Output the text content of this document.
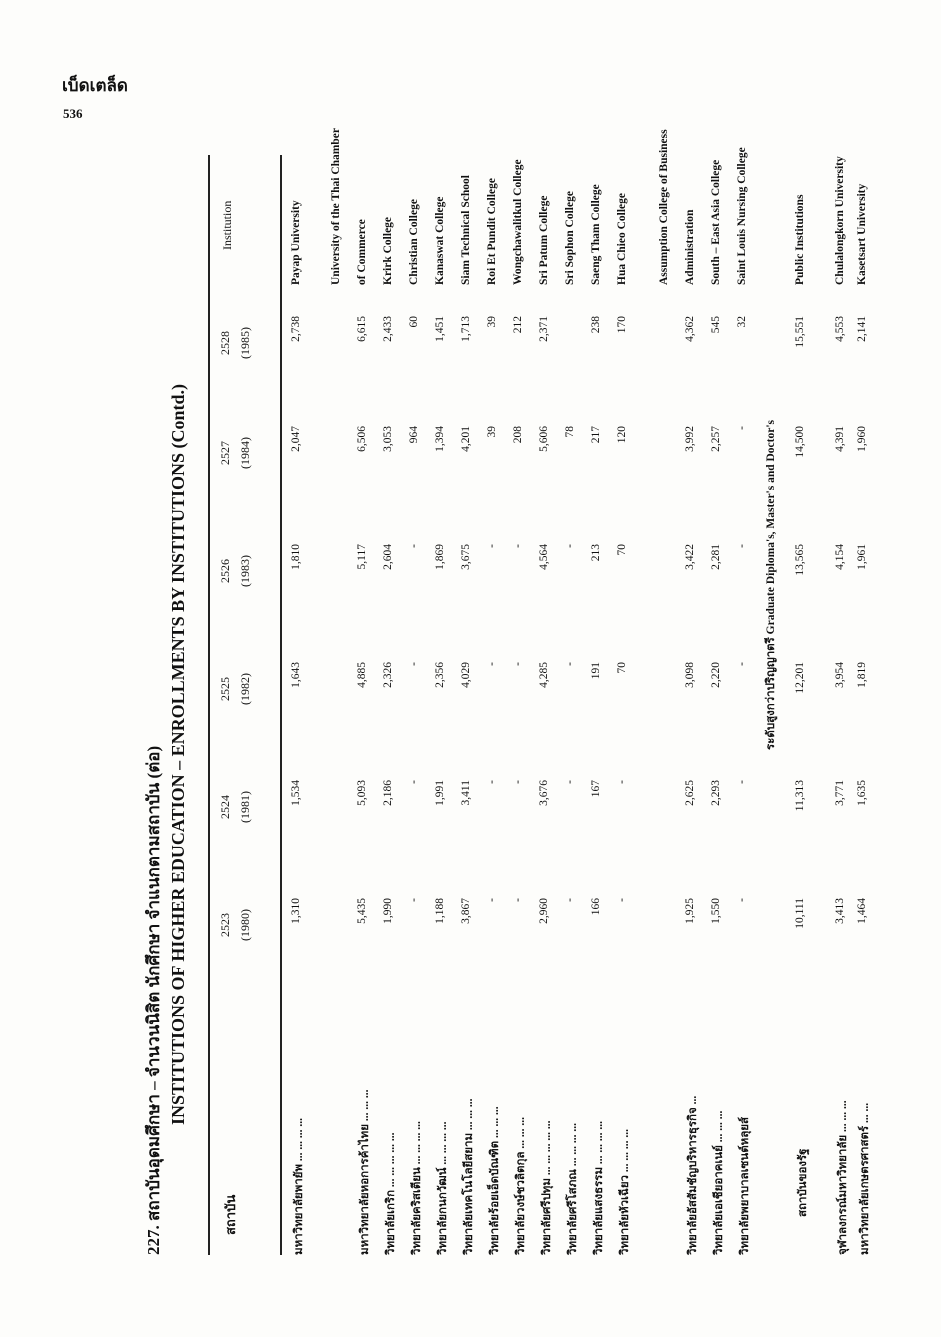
เบ็ดเตล็ด
536
227. สถาบันอุดมศึกษา – จำนวนนิสิต นักศึกษา จำแนกตามสถาบัน (ต่อ) INSTITUTIONS OF HIGHER EDUCATION – ENROLLMENTS BY INSTITUTIONS (Contd.)
สถาบัน
Institution
2523 (1980)
2524 (1981)
2525 (1982)
2526 (1983)
2527 (1984)
2528 (1985)
มหาวิทยาลัยพายัพ ... ... ... ...
1,310
1,534
1,643
1,810
2,047
2,738
Payap University University of the Thai Chamber
มหาวิทยาลัยหอการค้าไทย ... ... ...
5,435
5,093
4,885
5,117
6,506
6,615
of Commerce
วิทยาลัยเกริก ... ... ... ... ...
1,990
2,186
2,326
2,604
3,053
2,433
Krirk College
วิทยาลัยคริสเตียน ... ... ... ...
-
-
-
-
964
60
Christian College
วิทยาลัยกนกวัฒน์ ... ... ... ...
1,188
1,991
2,356
1,869
1,394
1,451
Kanaswat College
วิทยาลัยเทคโนโลยีสยาม ... ... ...
3,867
3,411
4,029
3,675
4,201
1,713
Siam Technical School
วิทยาลัยร้อยเอ็ดบัณฑิต ... ... ...
-
-
-
-
39
39
Roi Et Pundit College
วิทยาลัยวงษ์ชวลิตกุล ... ... ...
-
-
-
-
208
212
Wongchawalitkul College
วิทยาลัยศรีปทุม ... ... ... ... ...
2,960
3,676
4,285
4,564
5,606
2,371
Sri Patum College
วิทยาลัยศรีโสภณ ... ... ... ...
-
-
-
-
78
Sri Sophon College
วิทยาลัยแสงธรรม ... ... ... ...
166
167
191
213
217
238
Saeng Tham College
วิทยาลัยหัวเฉียว ... ... ... ...
-
-
70
70
120
170
Hua Chieo College	Assumption College of Business
วิทยาลัยอัสสัมชัญบริหารธุรกิจ ...
1,925
2,625
3,098
3,422
3,992
4,362
Administration
วิทยาลัยเอเชียอาคเนย์ ... ... ...
1,550
2,293
2,220
2,281
2,257
545
South – East Asia College
วิทยาลัยพยาบาลเซนต์หลุยส์
-
-
-
-
-
32
Saint Louis Nursing College
ระดับสูงกว่าปริญญาตรี Graduate Diploma's, Master's and Doctor's
สถาบันของรัฐ
10,111
11,313
12,201
13,565
14,500
15,551
Public Institutions
จุฬาลงกรณ์มหาวิทยาลัย ... ... ...
3,413
3,771
3,954
4,154
4,391
4,553
Chulalongkorn University
มหาวิทยาลัยเกษตรศาสตร์ ... ...
1,464
1,635
1,819
1,961
1,960
2,141
Kasetsart University
